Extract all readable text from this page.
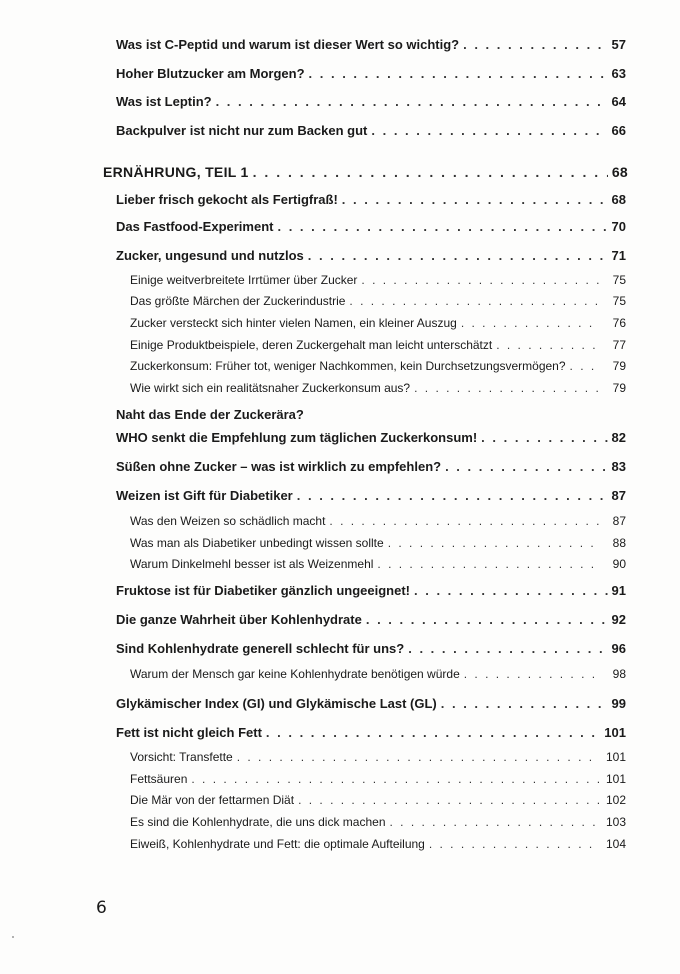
Was ist C-Peptid und warum ist dieser Wert so wichtig? . . .	57
Hoher Blutzucker am Morgen? . . .	63
Was ist Leptin? . . .	64
Backpulver ist nicht nur zum Backen gut . . .	66
ERNÄHRUNG, TEIL 1 . . .	68
Lieber frisch gekocht als Fertigfraß! . . .	68
Das Fastfood-Experiment . . .	70
Zucker, ungesund und nutzlos . . .	71
Einige weitverbreitete Irrtümer über Zucker . . .	75
Das größte Märchen der Zuckerindustrie . . .	75
Zucker versteckt sich hinter vielen Namen, ein kleiner Auszug . . .	76
Einige Produktbeispiele, deren Zuckergehalt man leicht unterschätzt . . .	77
Zuckerkonsum: Früher tot, weniger Nachkommen, kein Durchsetzungsvermögen? . . .	79
Wie wirkt sich ein realitätsnaher Zuckerkonsum aus? . . .	79
Naht das Ende der Zuckerära?
WHO senkt die Empfehlung zum täglichen Zuckerkonsum! . . .	82
Süßen ohne Zucker – was ist wirklich zu empfehlen? . . .	83
Weizen ist Gift für Diabetiker . . .	87
Was den Weizen so schädlich macht . . .	87
Was man als Diabetiker unbedingt wissen sollte . . .	88
Warum Dinkelmehl besser ist als Weizenmehl . . .	90
Fruktose ist für Diabetiker gänzlich ungeeignet! . . .	91
Die ganze Wahrheit über Kohlenhydrate . . .	92
Sind Kohlenhydrate generell schlecht für uns? . . .	96
Warum der Mensch gar keine Kohlenhydrate benötigen würde . . .	98
Glykämischer Index (GI) und Glykämische Last (GL) . . .	99
Fett ist nicht gleich Fett . . .	101
Vorsicht: Transfette . . .	101
Fettsäuren . . .	101
Die Mär von der fettarmen Diät . . .	102
Es sind die Kohlenhydrate, die uns dick machen . . .	103
Eiweiß, Kohlenhydrate und Fett: die optimale Aufteilung . . .	104
6
